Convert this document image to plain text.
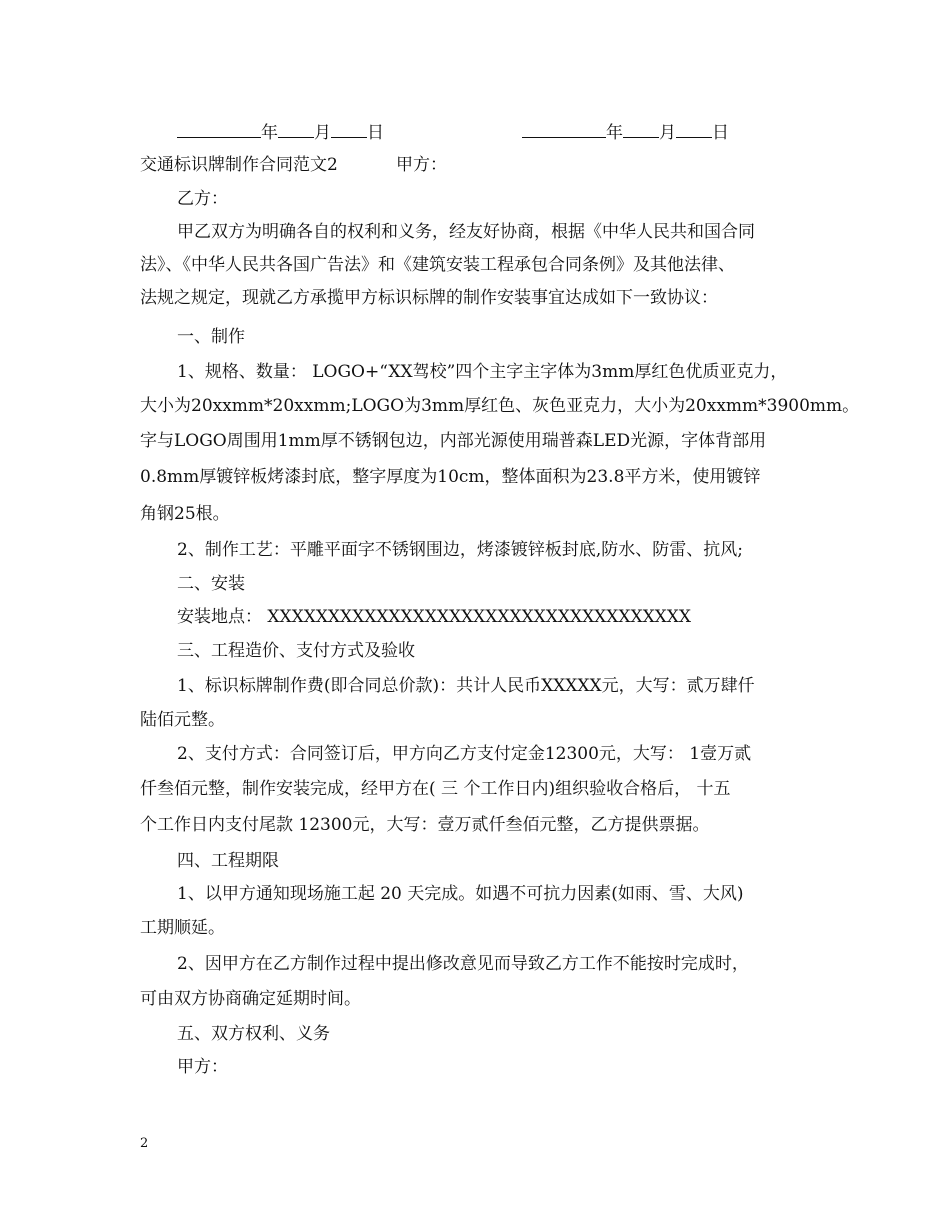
年 月 日	年 月 日
交通标识牌制作合同范文2	甲方：
乙方：
甲乙双方为明确各自的权利和义务，经友好协商，根据《中华人民共和国合同
法》、《中华人民共各国广告法》和《建筑安装工程承包合同条例》及其他法律、
法规之规定，现就乙方承揽甲方标识标牌的制作安装事宜达成如下一致协议：
一、制作
1、规格、数量： LOGO+“XX驾校”四个主字主字体为3mm厚红色优质亚克力，
大小为20xxmm*20xxmm;LOGO为3mm厚红色、灰色亚克力，大小为20xxmm*3900mm。
字与LOGO周围用1mm厚不锈钢包边，内部光源使用瑞普森LED光源，字体背部用
0.8mm厚镀锌板烤漆封底，整字厚度为10cm，整体面积为23.8平方米，使用镀锌
角钢25根。
2、制作工艺：平雕平面字不锈钢围边，烤漆镀锌板封底,防水、防雷、抗风;
二、安装
安装地点： XXXXXXXXXXXXXXXXXXXXXXXXXXXXXXXXXXX
三、工程造价、支付方式及验收
1、标识标牌制作费(即合同总价款)：共计人民币XXXXX元，大写：贰万肆仟
陆佰元整。
2、支付方式：合同签订后，甲方向乙方支付定金12300元，大写： 1壹万贰
仟叁佰元整，制作安装完成，经甲方在( 三 个工作日内)组织验收合格后， 十五
个工作日内支付尾款 12300元，大写：壹万贰仟叁佰元整，乙方提供票据。
四、工程期限
1、以甲方通知现场施工起 20 天完成。如遇不可抗力因素(如雨、雪、大风)
工期顺延。
2、因甲方在乙方制作过程中提出修改意见而导致乙方工作不能按时完成时，
可由双方协商确定延期时间。
五、双方权利、义务
甲方：
2
